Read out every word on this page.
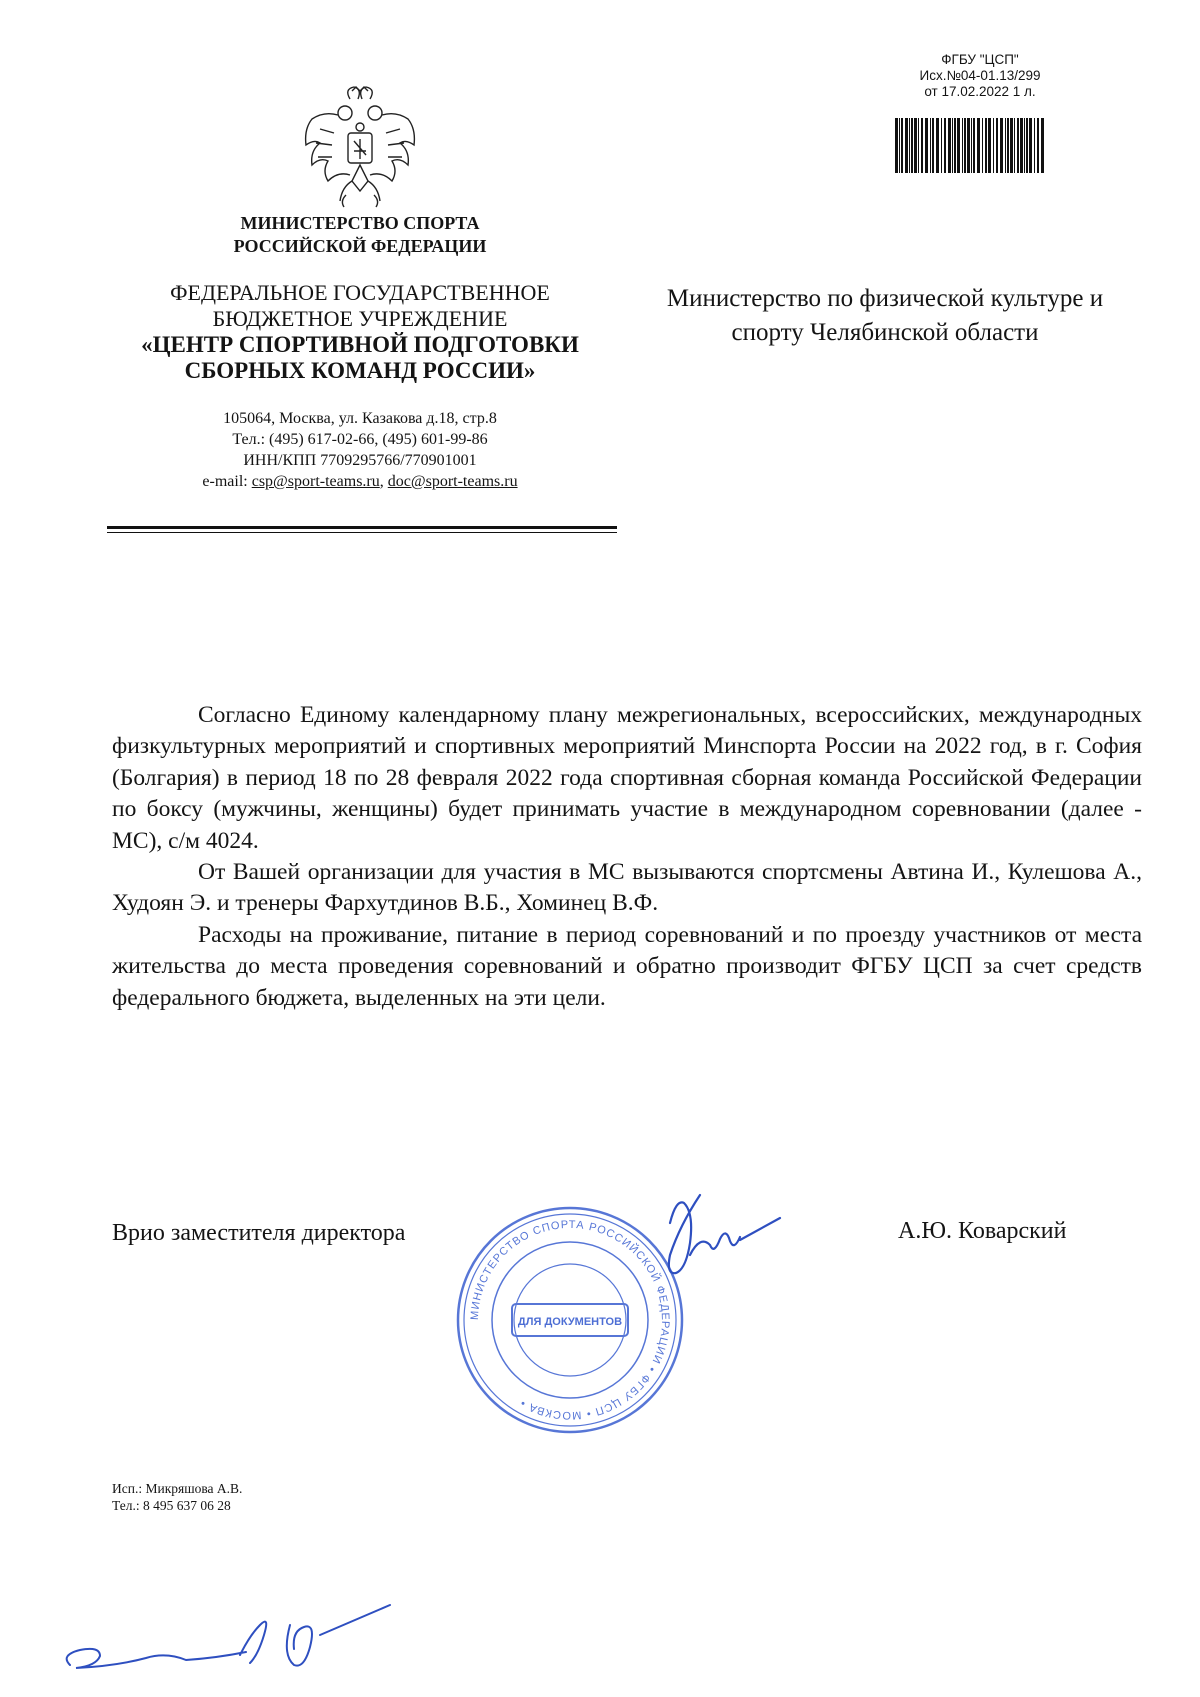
ФГБУ "ЦСП"
Исх.№04-01.13/299
от 17.02.2022 1 л.
МИНИСТЕРСТВО СПОРТА
РОССИЙСКОЙ ФЕДЕРАЦИИ
ФЕДЕРАЛЬНОЕ ГОСУДАРСТВЕННОЕ
БЮДЖЕТНОЕ УЧРЕЖДЕНИЕ
«ЦЕНТР СПОРТИВНОЙ ПОДГОТОВКИ
СБОРНЫХ КОМАНД РОССИИ»
105064, Москва, ул. Казакова д.18, стр.8
Тел.: (495) 617-02-66, (495) 601-99-86
ИНН/КПП 7709295766/770901001
e-mail: csp@sport-teams.ru, doc@sport-teams.ru
Министерство по физической культуре и
спорту Челябинской области

Согласно Единому календарному плану межрегиональных, всероссийских, международных физкультурных мероприятий и спортивных мероприятий Минспорта России на 2022 год, в г. София (Болгария) в период 18 по 28 февраля 2022 года спортивная сборная команда Российской Федерации по боксу (мужчины, женщины) будет принимать участие в международном соревновании (далее - МС), с/м 4024.

От Вашей организации для участия в МС вызываются спортсмены Автина И., Кулешова А., Худоян Э. и тренеры Фархутдинов В.Б., Хоминец В.Ф.

Расходы на проживание, питание в период соревнований и по проезду участников от места жительства до места проведения соревнований и обратно производит ФГБУ ЦСП за счет средств федерального бюджета, выделенных на эти цели.

Врио заместителя директора	А.Ю. Коварский
МИНИСТЕРСТВО СПОРТА РОССИЙСКОЙ ФЕДЕРАЦИИ • ФГБУ ЦСП • МОСКВА •
ДЛЯ ДОКУМЕНТОВ
Исп.: Микряшова А.В.
Тел.: 8 495 637 06 28
